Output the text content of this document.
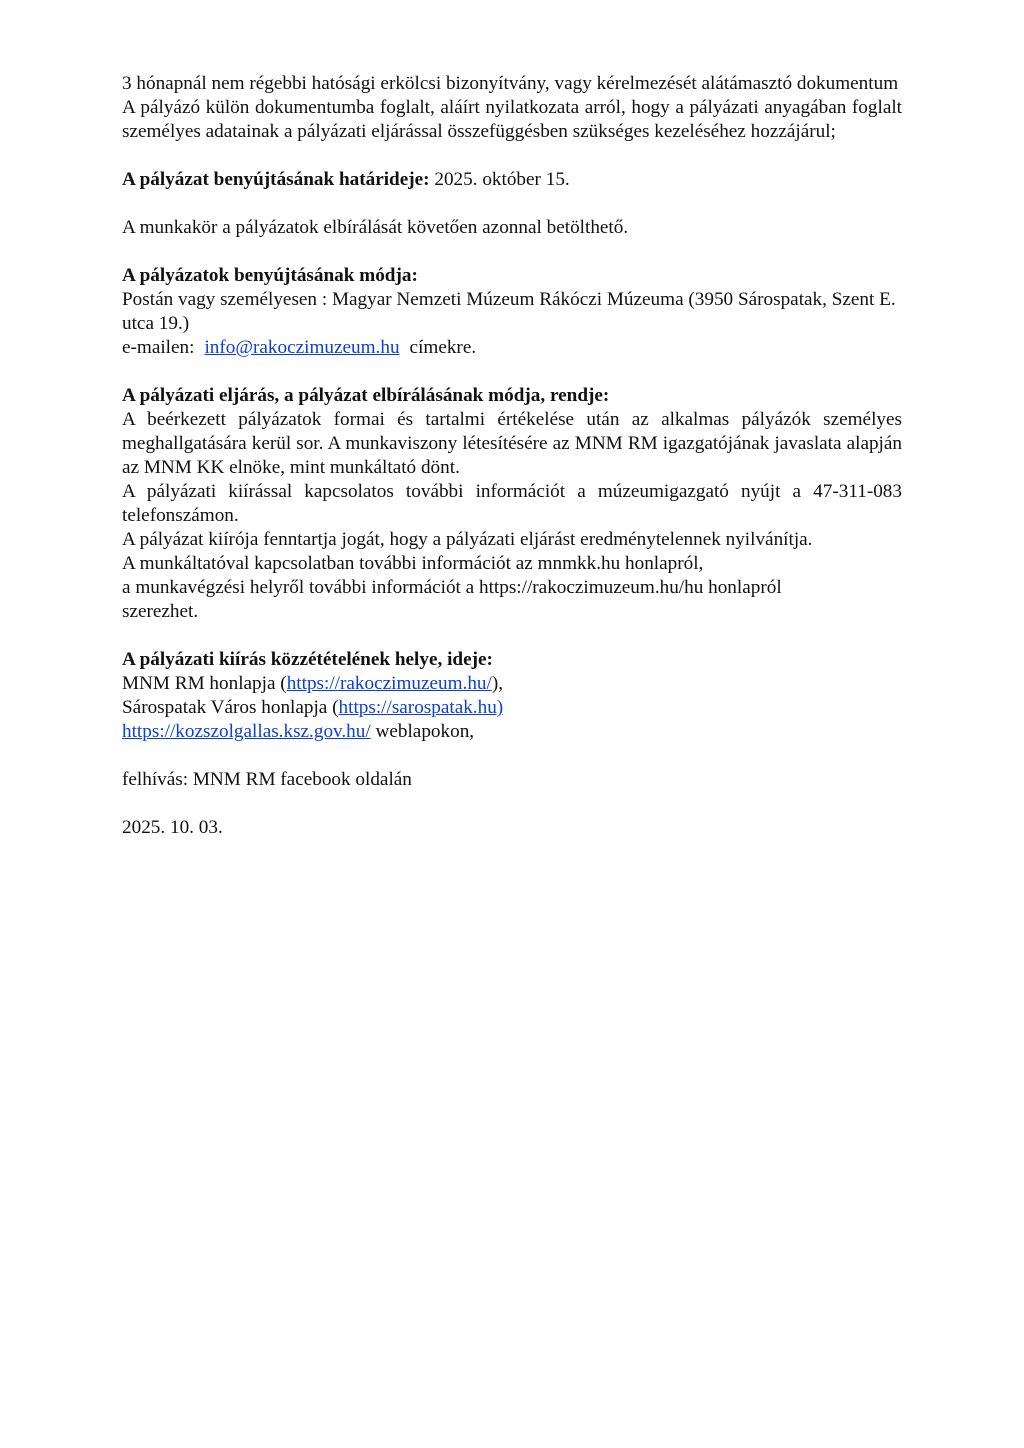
3 hónapnál nem régebbi hatósági erkölcsi bizonyítvány, vagy kérelmezését alátámasztó dokumentum

A pályázó külön dokumentumba foglalt, aláírt nyilatkozata arról, hogy a pályázati anyagában foglalt személyes adatainak a pályázati eljárással összefüggésben szükséges kezeléséhez hozzájárul;

A pályázat benyújtásának határideje: 2025. október 15.

A munkakör a pályázatok elbírálását követően azonnal betölthető.

A pályázatok benyújtásának módja:

Postán vagy személyesen : Magyar Nemzeti Múzeum Rákóczi Múzeuma (3950 Sárospatak, Szent E. utca 19.)

e-mailen: info@rakoczimuzeum.hu címekre.

A pályázati eljárás, a pályázat elbírálásának módja, rendje:

A beérkezett pályázatok formai és tartalmi értékelése után az alkalmas pályázók személyes meghallgatására kerül sor. A munkaviszony létesítésére az MNM RM igazgatójának javaslata alapján az MNM KK elnöke, mint munkáltató dönt.

A pályázati kiírással kapcsolatos további információt a múzeumigazgató nyújt a 47-311-083 telefonszámon.

A pályázat kiírója fenntartja jogát, hogy a pályázati eljárást eredménytelennek nyilvánítja.

A munkáltatóval kapcsolatban további információt az mnmkk.hu honlapról,

a munkavégzési helyről további információt a https://rakoczimuzeum.hu/hu honlapról szerezhet.

A pályázati kiírás közzétételének helye, ideje:

MNM RM honlapja (https://rakoczimuzeum.hu/),

Sárospatak Város honlapja (https://sarospatak.hu)

https://kozszolgallas.ksz.gov.hu/ weblapokon,

felhívás: MNM RM facebook oldalán

2025. 10. 03.
